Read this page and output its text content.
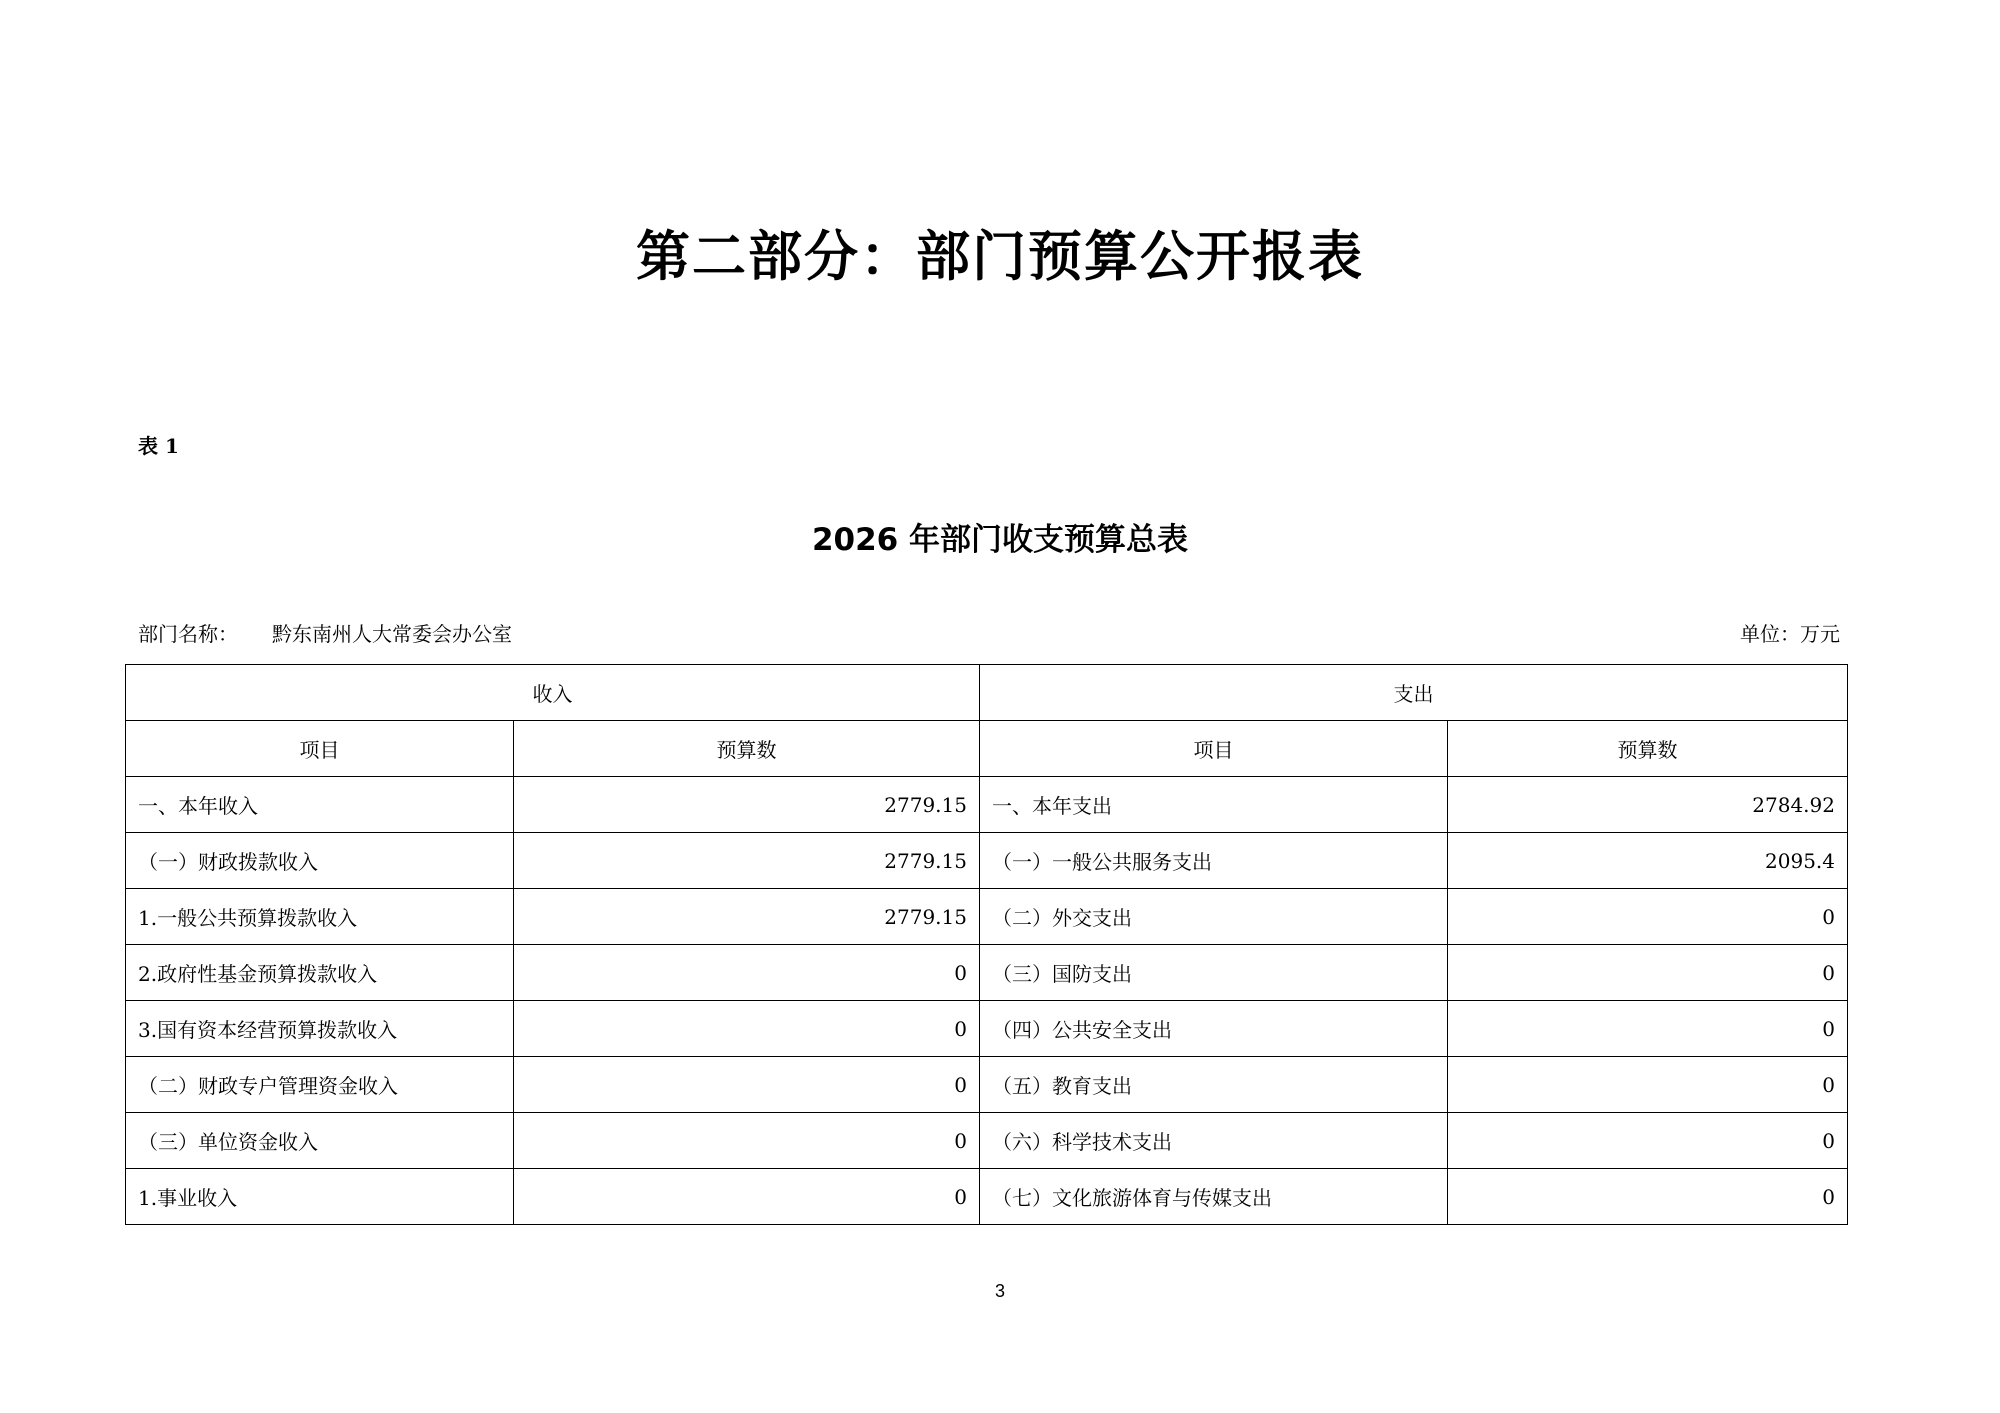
第二部分：部门预算公开报表
表 1
2026 年部门收支预算总表
部门名称： 黔东南州人大常委会办公室	单位：万元
收入		支出	
项目	预算数	项目	预算数
一、本年收入	2779.15	一、本年支出	2784.92
（一）财政拨款收入	2779.15	（一）一般公共服务支出	2095.4
1.一般公共预算拨款收入	2779.15	（二）外交支出	0
2.政府性基金预算拨款收入	0	（三）国防支出	0
3.国有资本经营预算拨款收入	0	（四）公共安全支出	0
（二）财政专户管理资金收入	0	（五）教育支出	0
（三）单位资金收入	0	（六）科学技术支出	0
1.事业收入	0	（七）文化旅游体育与传媒支出	0
3
